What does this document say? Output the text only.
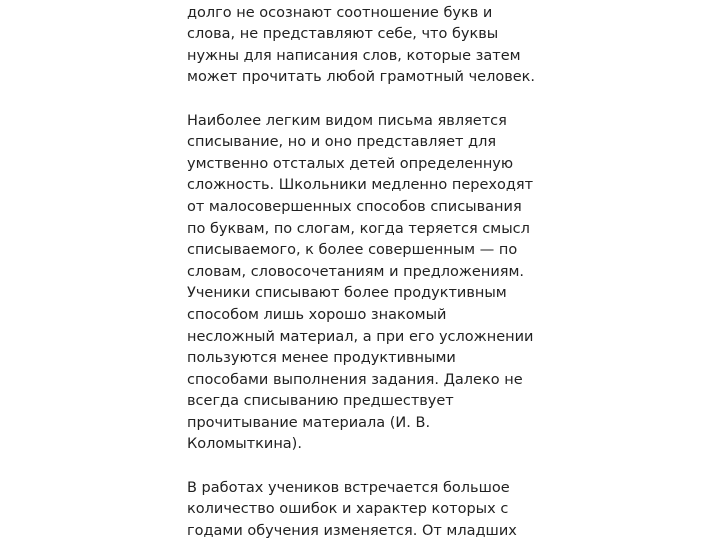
долго не осознают соотношение букв и
слова, не представляют себе, что буквы
нужны для написания слов, которые затем
может прочитать любой грамотный человек.
Наиболее легким видом письма является
списывание, но и оно представляет для
умственно отсталых детей определенную
сложность. Школьники медленно переходят
от малосовершенных способов списывания
по буквам, по слогам, когда теряется смысл
списываемого, к более совершенным — по
словам, словосочетаниям и предложениям.
Ученики списывают более продуктивным
способом лишь хорошо знакомый
несложный материал, а при его усложнении
пользуются менее продуктивными
способами выполнения задания. Далеко не
всегда списыванию предшествует
прочитывание материала (И. В.
Коломыткина).
В работах учеников встречается большое
количество ошибок и характер которых с
годами обучения изменяется. От младших
